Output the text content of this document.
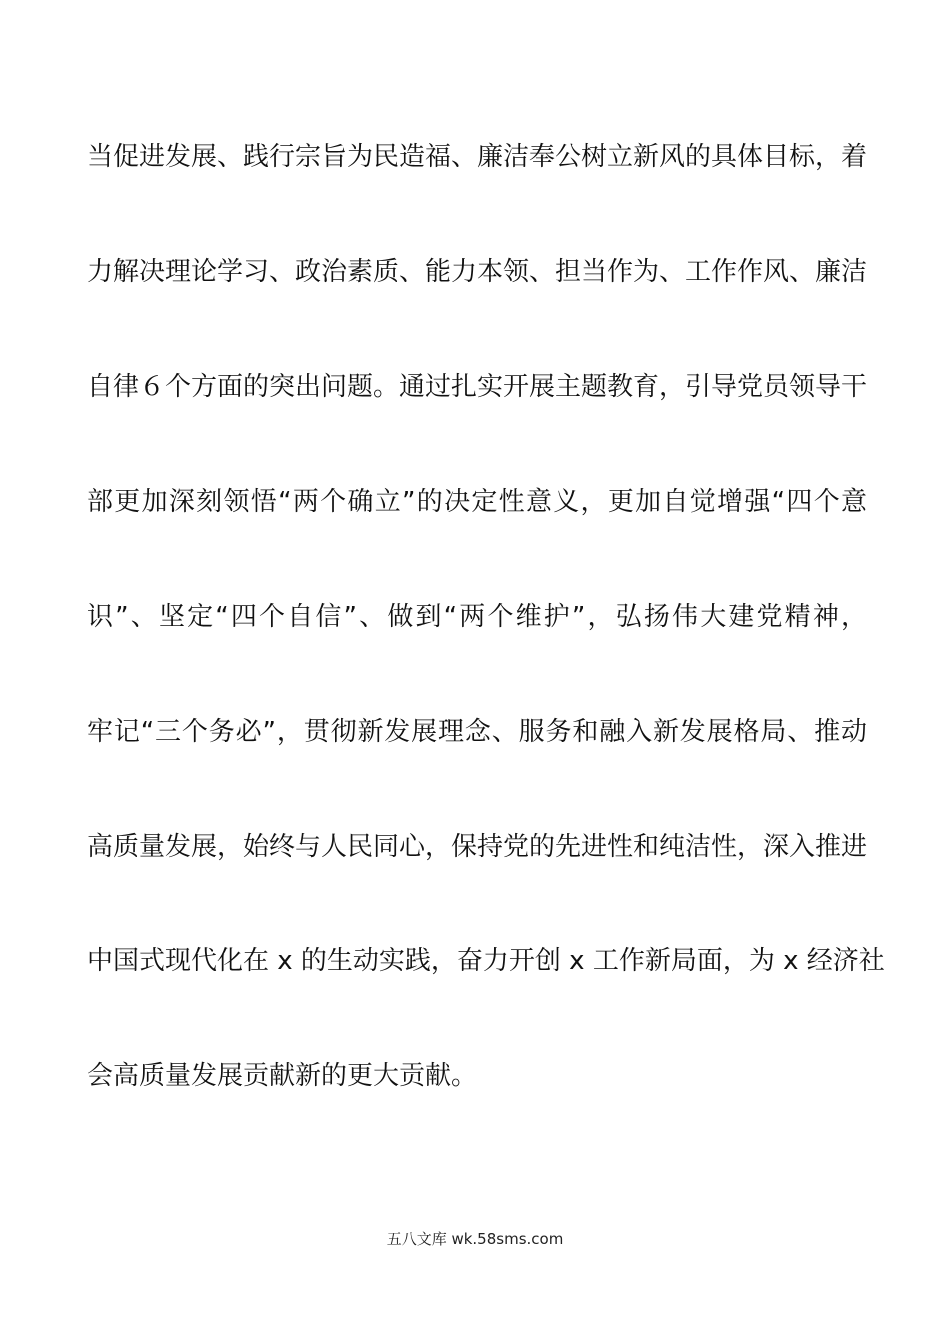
当促进发展、践行宗旨为民造福、廉洁奉公树立新风的具体目标，着
力解决理论学习、政治素质、能力本领、担当作为、工作作风、廉洁
自律６个方面的突出问题。通过扎实开展主题教育，引导党员领导干
部更加深刻领悟“两个确立”的决定性意义，更加自觉增强“四个意
识”、坚定“四个自信”、做到“两个维护”，弘扬伟大建党精神，
牢记“三个务必”，贯彻新发展理念、服务和融入新发展格局、推动
高质量发展，始终与人民同心，保持党的先进性和纯洁性，深入推进
中国式现代化在 x 的生动实践，奋力开创 x 工作新局面，为 x 经济社
会高质量发展贡献新的更大贡献。
五八文库 wk.58sms.com
